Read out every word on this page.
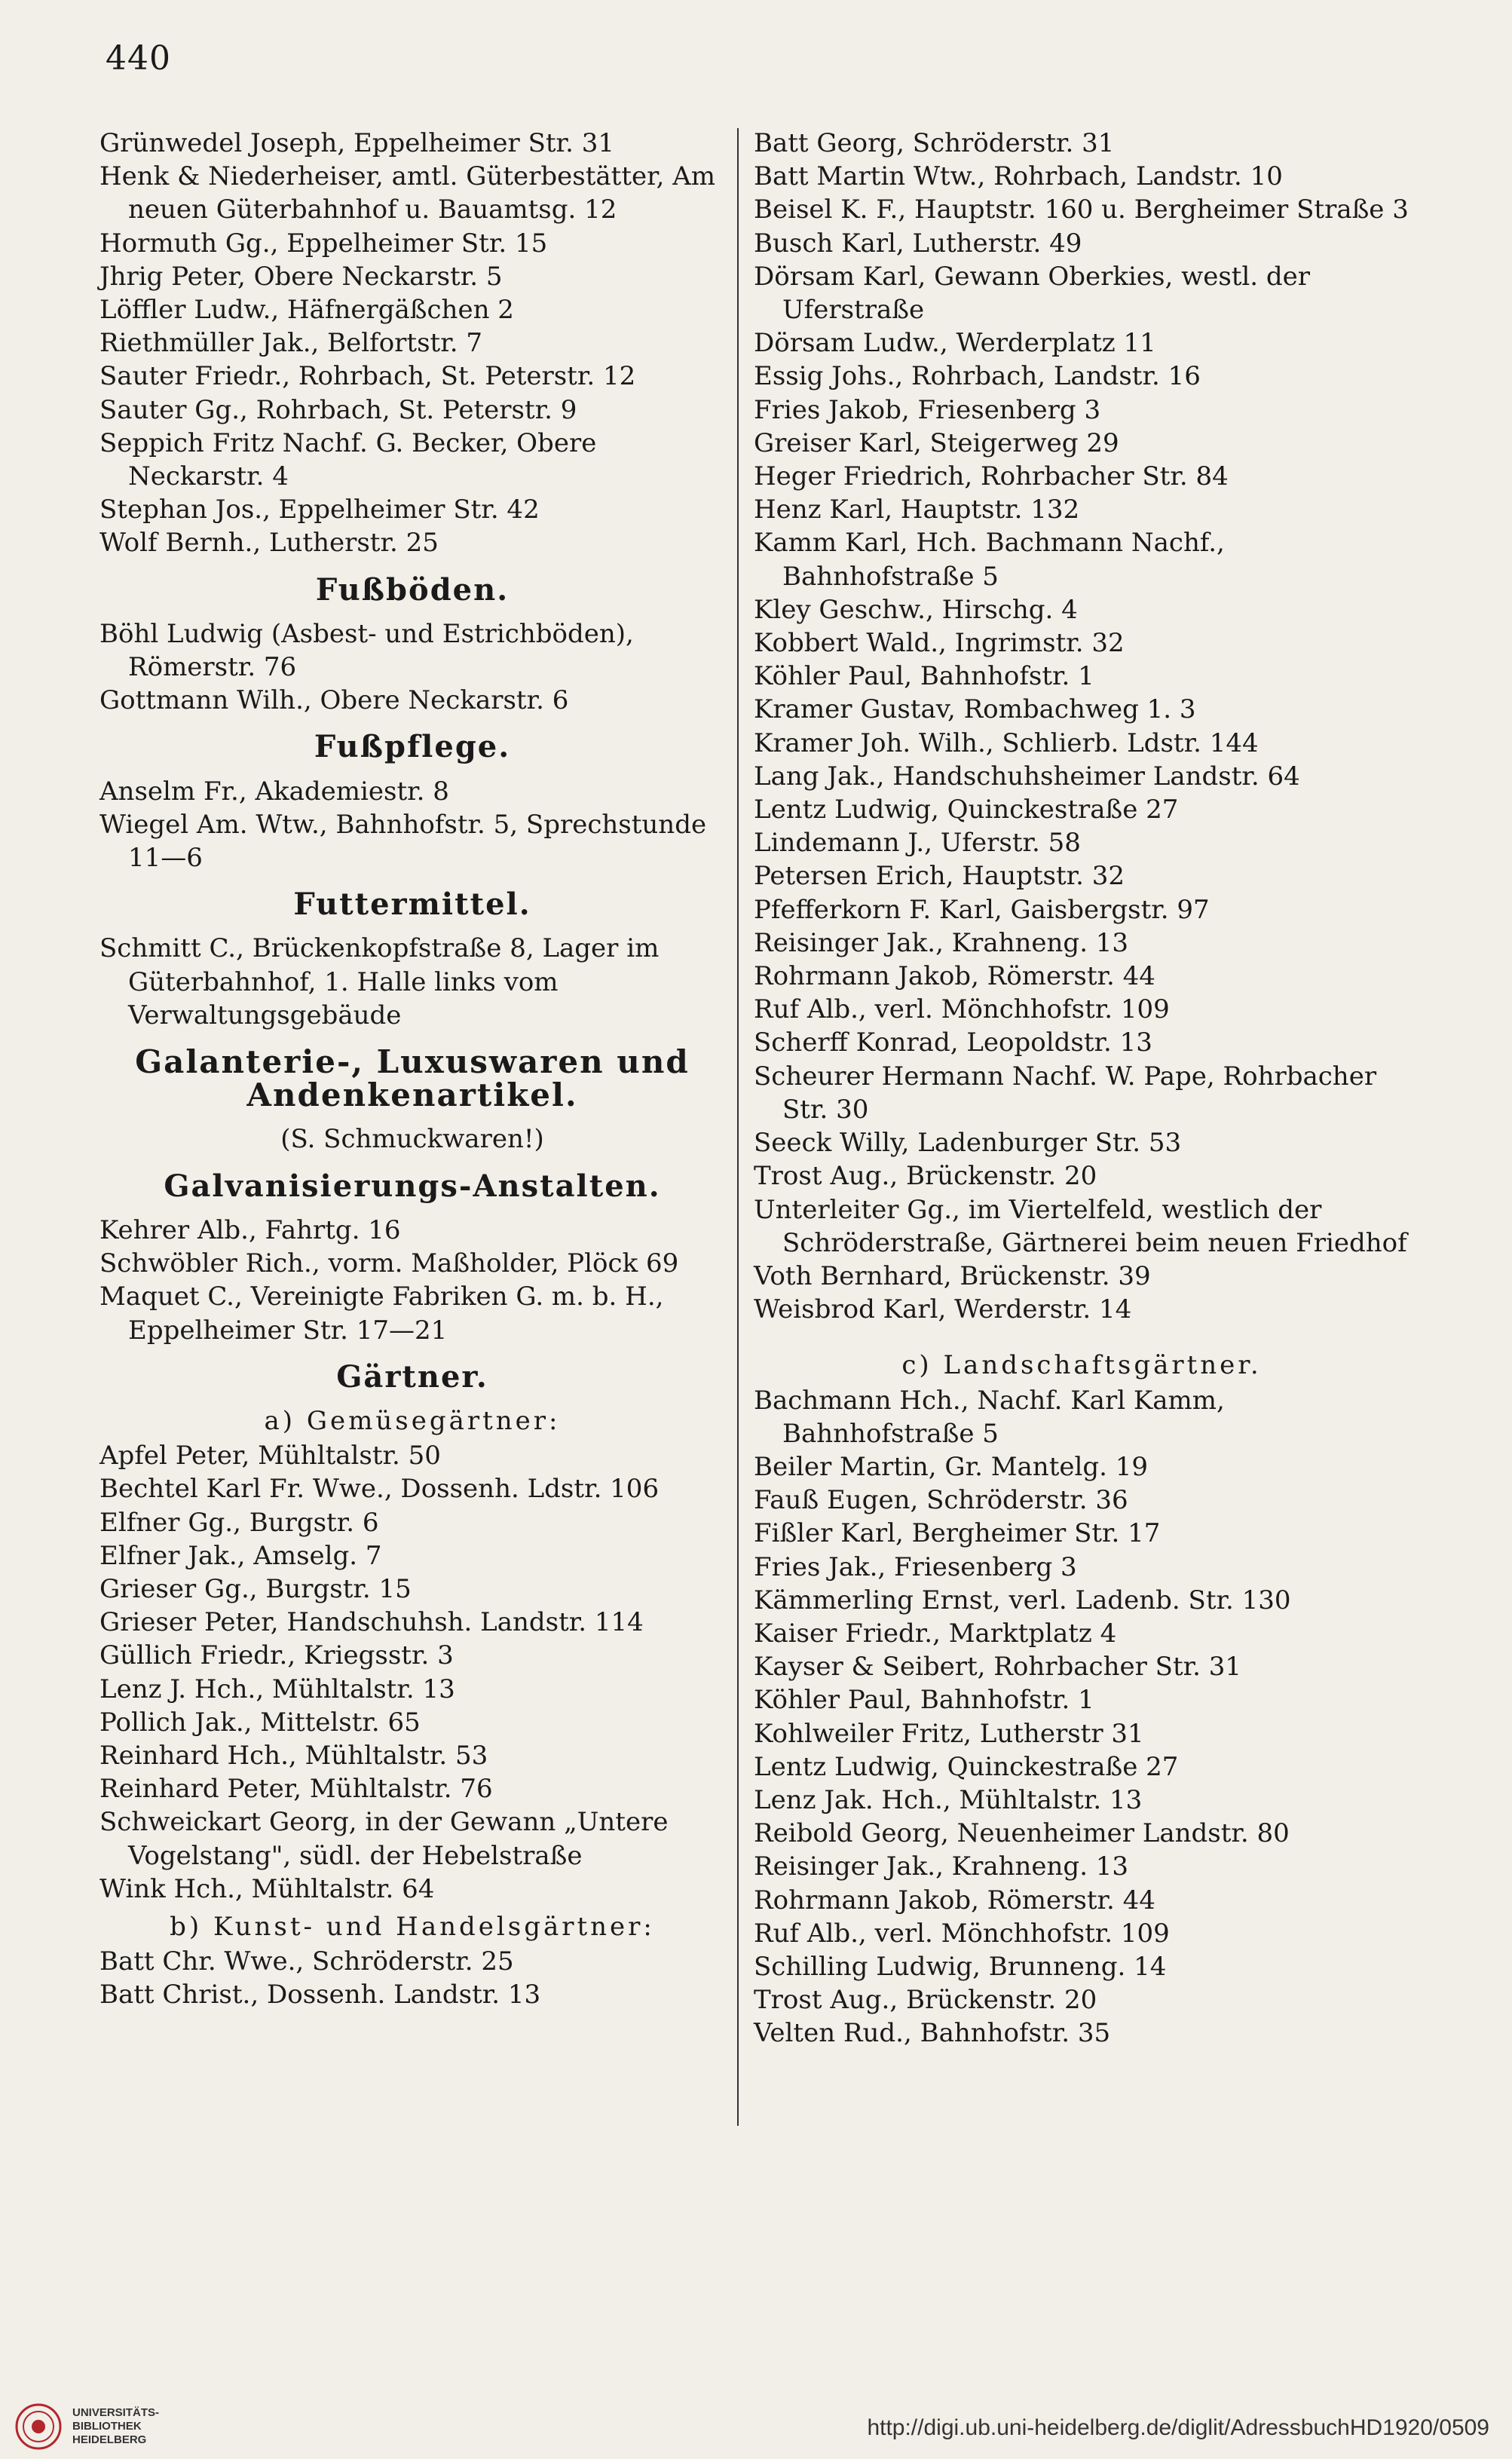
440
Grünwedel Joseph, Eppelheimer Str. 31
Henk & Niederheiser, amtl. Güterbestätter, Am neuen Güterbahnhof u. Bauamtsg. 12
Hormuth Gg., Eppelheimer Str. 15
Jhrig Peter, Obere Neckarstr. 5
Löffler Ludw., Häfnergäßchen 2
Riethmüller Jak., Belfortstr. 7
Sauter Friedr., Rohrbach, St. Peterstr. 12
Sauter Gg., Rohrbach, St. Peterstr. 9
Seppich Fritz Nachf. G. Becker, Obere Neckarstr. 4
Stephan Jos., Eppelheimer Str. 42
Wolf Bernh., Lutherstr. 25
Fußböden.
Böhl Ludwig (Asbest- und Estrichböden), Römerstr. 76
Gottmann Wilh., Obere Neckarstr. 6
Fußpflege.
Anselm Fr., Akademiestr. 8
Wiegel Am. Wtw., Bahnhofstr. 5, Sprechstunde 11—6
Futtermittel.
Schmitt C., Brückenkopfstraße 8, Lager im Güterbahnhof, 1. Halle links vom Verwaltungsgebäude
Galanterie-, Luxuswaren und Andenkenartikel.
(S. Schmuckwaren!)
Galvanisierungs-Anstalten.
Kehrer Alb., Fahrtg. 16
Schwöbler Rich., vorm. Maßholder, Plöck 69
Maquet C., Vereinigte Fabriken G. m. b. H., Eppelheimer Str. 17—21
Gärtner.
a) Gemüsegärtner:
Apfel Peter, Mühltalstr. 50
Bechtel Karl Fr. Wwe., Dossenh. Ldstr. 106
Elfner Gg., Burgstr. 6
Elfner Jak., Amselg. 7
Grieser Gg., Burgstr. 15
Grieser Peter, Handschuhsh. Landstr. 114
Güllich Friedr., Kriegsstr. 3
Lenz J. Hch., Mühltalstr. 13
Pollich Jak., Mittelstr. 65
Reinhard Hch., Mühltalstr. 53
Reinhard Peter, Mühltalstr. 76
Schweickart Georg, in der Gewann „Untere Vogelstang", südl. der Hebelstraße
Wink Hch., Mühltalstr. 64
b) Kunst- und Handelsgärtner:
Batt Chr. Wwe., Schröderstr. 25
Batt Christ., Dossenh. Landstr. 13
Batt Georg, Schröderstr. 31
Batt Martin Wtw., Rohrbach, Landstr. 10
Beisel K. F., Hauptstr. 160 u. Bergheimer Straße 3
Busch Karl, Lutherstr. 49
Dörsam Karl, Gewann Oberkies, westl. der Uferstraße
Dörsam Ludw., Werderplatz 11
Essig Johs., Rohrbach, Landstr. 16
Fries Jakob, Friesenberg 3
Greiser Karl, Steigerweg 29
Heger Friedrich, Rohrbacher Str. 84
Henz Karl, Hauptstr. 132
Kamm Karl, Hch. Bachmann Nachf., Bahnhofstraße 5
Kley Geschw., Hirschg. 4
Kobbert Wald., Ingrimstr. 32
Köhler Paul, Bahnhofstr. 1
Kramer Gustav, Rombachweg 1. 3
Kramer Joh. Wilh., Schlierb. Ldstr. 144
Lang Jak., Handschuhsheimer Landstr. 64
Lentz Ludwig, Quinckestraße 27
Lindemann J., Uferstr. 58
Petersen Erich, Hauptstr. 32
Pfefferkorn F. Karl, Gaisbergstr. 97
Reisinger Jak., Krahneng. 13
Rohrmann Jakob, Römerstr. 44
Ruf Alb., verl. Mönchhofstr. 109
Scherff Konrad, Leopoldstr. 13
Scheurer Hermann Nachf. W. Pape, Rohrbacher Str. 30
Seeck Willy, Ladenburger Str. 53
Trost Aug., Brückenstr. 20
Unterleiter Gg., im Viertelfeld, westlich der Schröderstraße, Gärtnerei beim neuen Friedhof
Voth Bernhard, Brückenstr. 39
Weisbrod Karl, Werderstr. 14
c) Landschaftsgärtner.
Bachmann Hch., Nachf. Karl Kamm, Bahnhofstraße 5
Beiler Martin, Gr. Mantelg. 19
Fauß Eugen, Schröderstr. 36
Fißler Karl, Bergheimer Str. 17
Fries Jak., Friesenberg 3
Kämmerling Ernst, verl. Ladenb. Str. 130
Kaiser Friedr., Marktplatz 4
Kayser & Seibert, Rohrbacher Str. 31
Köhler Paul, Bahnhofstr. 1
Kohlweiler Fritz, Lutherstr 31
Lentz Ludwig, Quinckestraße 27
Lenz Jak. Hch., Mühltalstr. 13
Reibold Georg, Neuenheimer Landstr. 80
Reisinger Jak., Krahneng. 13
Rohrmann Jakob, Römerstr. 44
Ruf Alb., verl. Mönchhofstr. 109
Schilling Ludwig, Brunneng. 14
Trost Aug., Brückenstr. 20
Velten Rud., Bahnhofstr. 35
UNIVERSITÄTS-
BIBLIOTHEK
HEIDELBERG	http://digi.ub.uni-heidelberg.de/diglit/AdressbuchHD1920/0509
